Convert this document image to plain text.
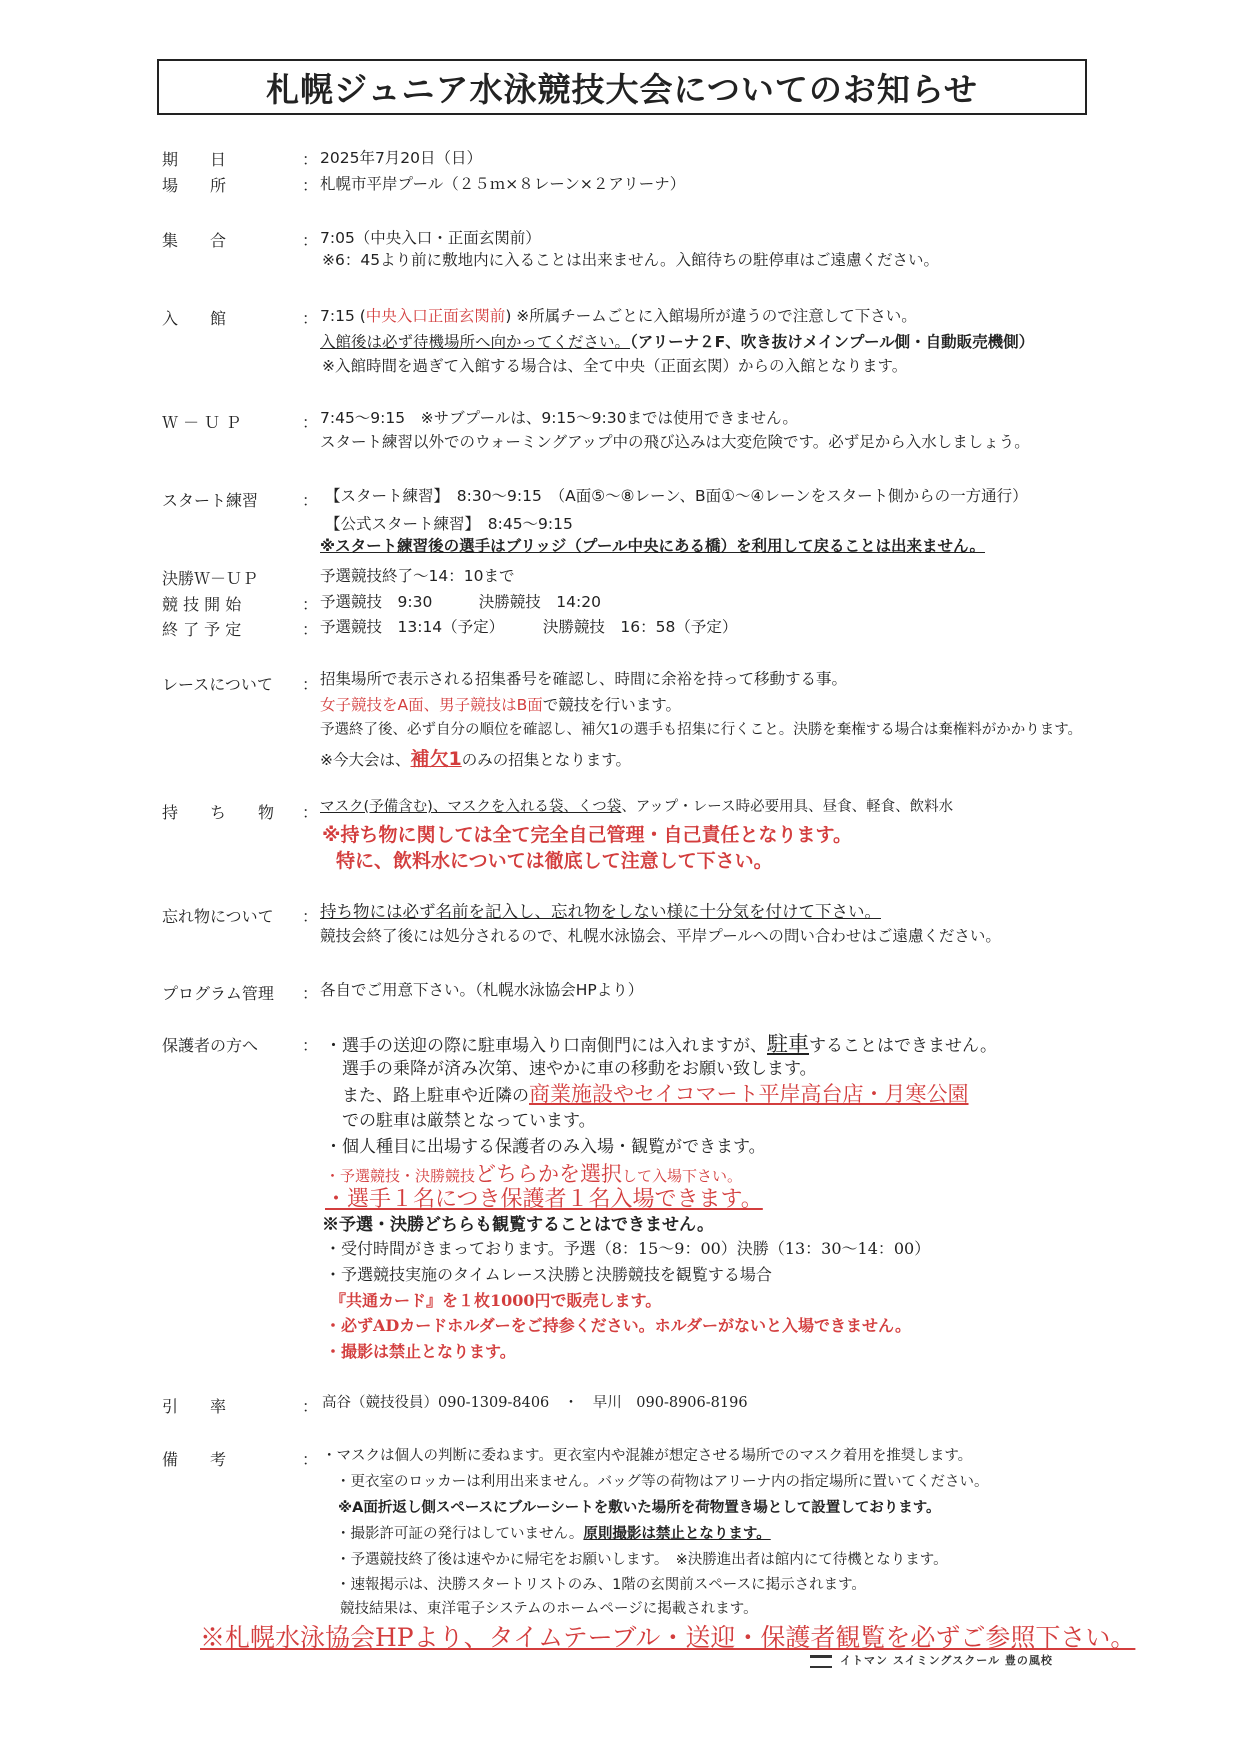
札幌ジュニア水泳競技大会についてのお知らせ
期　　日	： 2025年7月20日（日）
場　　所	： 札幌市平岸プール（２５ｍ×８レーン×２アリーナ）
集　　合	： 7:05（中央入口・正面玄関前）
※6：45より前に敷地内に入ることは出来ません。入館待ちの駐停車はご遠慮ください。
入　　館	： 7:15 (中央入口正面玄関前) ※所属チームごとに入館場所が違うので注意して下さい。
入館後は必ず待機場所へ向かってください。（アリーナ２F、吹き抜けメインプール側・自動販売機側）
※入館時間を過ぎて入館する場合は、全て中央（正面玄関）からの入館となります。
Ｗ － Ｕ Ｐ	： 7:45～9:15　※サブプールは、9:15～9:30までは使用できません。
スタート練習以外でのウォーミングアップ中の飛び込みは大変危険です。必ず足から入水しましょう。
スタート練習	： 【スタート練習】　8:30～9:15　（A面⑤～⑧レーン、B面①～④レーンをスタート側からの一方通行）
【公式スタート練習】　8:45～9:15
※スタート練習後の選手はブリッジ（プール中央にある橋）を利用して戻ることは出来ません。
決勝Ｗ－ＵＰ	予選競技終了～14：10まで
競 技 開 始	： 予選競技　9:30　　　決勝競技　14:20
終 了 予 定	： 予選競技　13:14（予定）　　　決勝競技　16：58（予定）
レースについて	： 招集場所で表示される招集番号を確認し、時間に余裕を持って移動する事。
女子競技をA面、男子競技はB面で競技を行います。
予選終了後、必ず自分の順位を確認し、補欠1の選手も招集に行くこと。決勝を棄権する場合は棄権料がかかります。
※今大会は、補欠1のみの招集となります。
持　　ち　　物	： マスク(予備含む)、マスクを入れる袋、くつ袋、アップ・レース時必要用具、昼食、軽食、飲料水
※持ち物に関しては全て完全自己管理・自己責任となります。
特に、飲料水については徹底して注意して下さい。
忘れ物について	： 持ち物には必ず名前を記入し、忘れ物をしない様に十分気を付けて下さい。
競技会終了後には処分されるので、札幌水泳協会、平岸プールへの問い合わせはご遠慮ください。
プログラム管理	： 各自でご用意下さい。（札幌水泳協会HPより）
保護者の方へ	： ・選手の送迎の際に駐車場入り口南側門には入れますが、駐車することはできません。
選手の乗降が済み次第、速やかに車の移動をお願い致します。
また、路上駐車や近隣の商業施設やセイコマート平岸高台店・月寒公園
での駐車は厳禁となっています。
・個人種目に出場する保護者のみ入場・観覧ができます。
・予選競技・決勝競技どちらかを選択して入場下さい。
・選手１名につき保護者１名入場できます。
※予選・決勝どちらも観覧することはできません。
・受付時間がきまっております。予選（8：15～9：00）決勝（13：30～14：00）
・予選競技実施のタイムレース決勝と決勝競技を観覧する場合
『共通カード』を１枚1000円で販売します。
・必ずADカードホルダーをご持参ください。ホルダーがないと入場できません。
・撮影は禁止となります。
引　　率	： 高谷（競技役員）090-1309-8406　・　早川　090-8906-8196
備　　考	： ・マスクは個人の判断に委ねます。更衣室内や混雑が想定させる場所でのマスク着用を推奨します。
・更衣室のロッカーは利用出来ません。バッグ等の荷物はアリーナ内の指定場所に置いてください。
※A面折返し側スペースにブルーシートを敷いた場所を荷物置き場として設置しております。
・撮影許可証の発行はしていません。原則撮影は禁止となります。
・予選競技終了後は速やかに帰宅をお願いします。　※決勝進出者は館内にて待機となります。
・速報掲示は、決勝スタートリストのみ、1階の玄関前スペースに掲示されます。
競技結果は、東洋電子システムのホームページに掲載されます。
※札幌水泳協会HPより、タイムテーブル・送迎・保護者観覧を必ずご参照下さい。
イトマン スイミングスクール 豊の風校
